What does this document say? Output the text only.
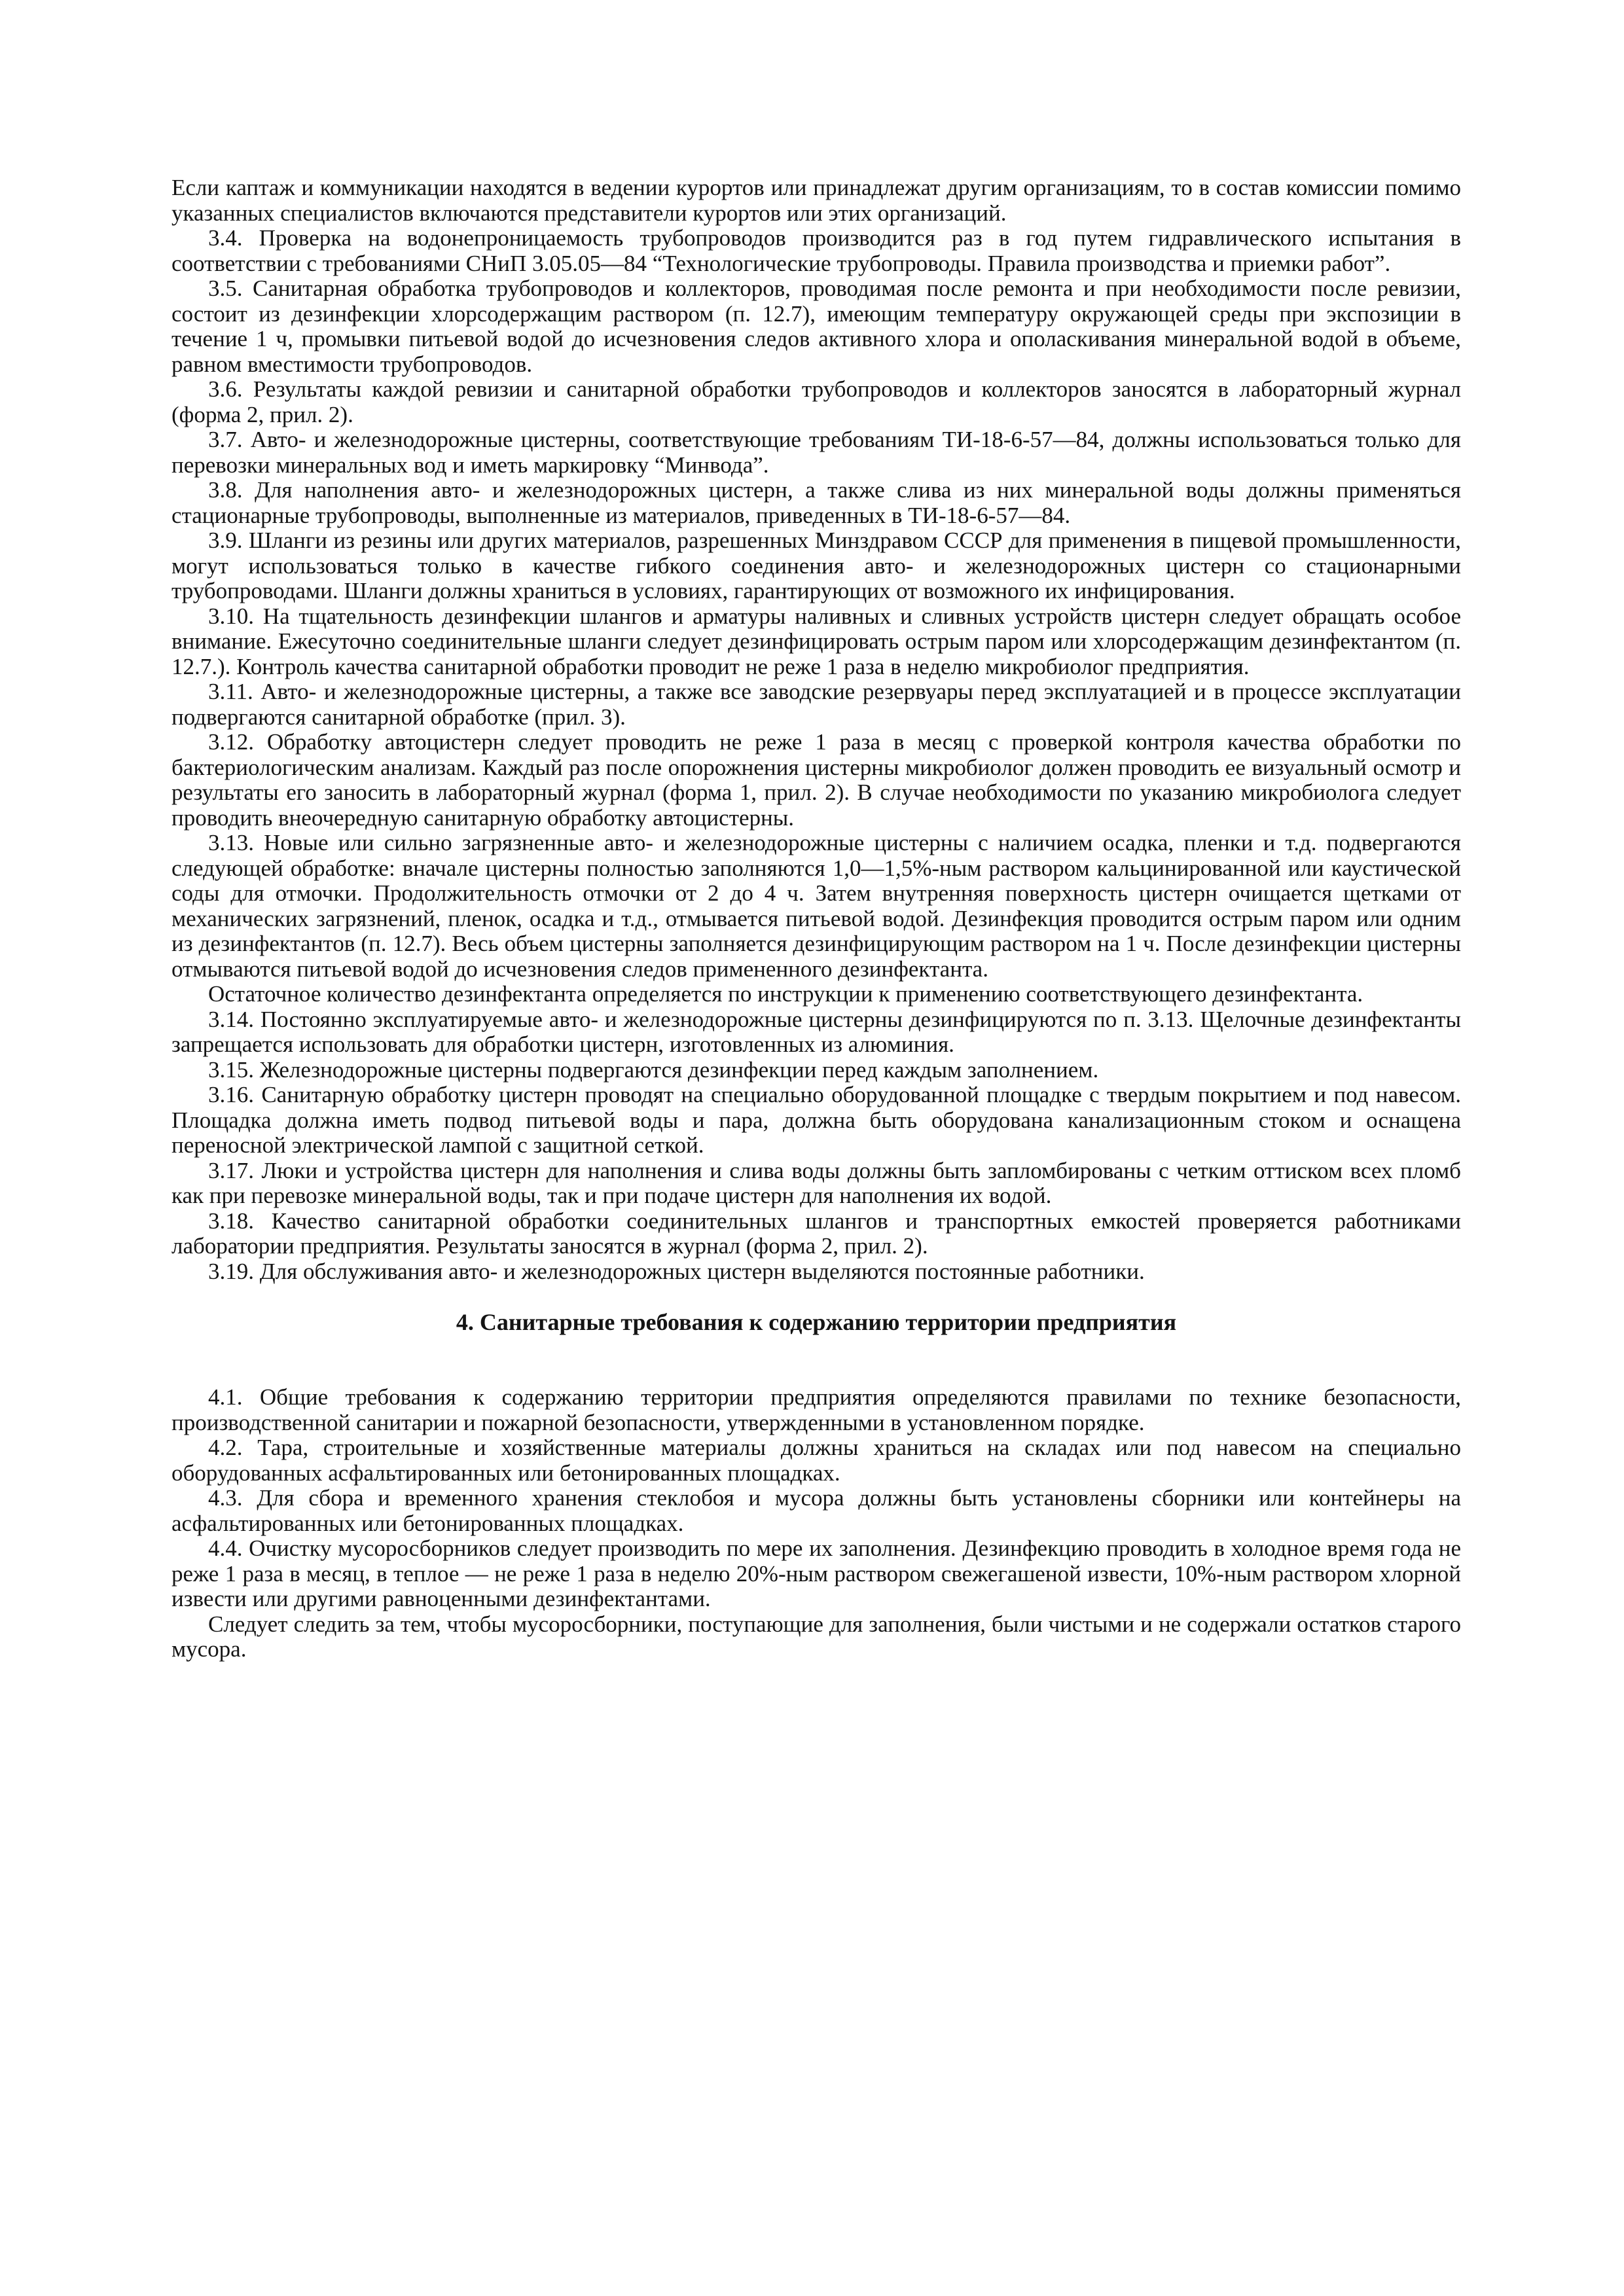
Если каптаж и коммуникации находятся в ведении курортов или принадлежат другим организациям, то в состав комиссии помимо указанных специалистов включаются представители курортов или этих организаций.

3.4. Проверка на водонепроницаемость трубопроводов производится раз в год путем гидравлического испытания в соответствии с требованиями СНиП 3.05.05—84 “Технологические трубопроводы. Правила производства и приемки работ”.

3.5. Санитарная обработка трубопроводов и коллекторов, проводимая после ремонта и при необходимости после ревизии, состоит из дезинфекции хлорсодержащим раствором (п. 12.7), имеющим температуру окружающей среды при экспозиции в течение 1 ч, промывки питьевой водой до исчезновения следов активного хлора и ополаскивания минеральной водой в объеме, равном вместимости трубопроводов.

3.6. Результаты каждой ревизии и санитарной обработки трубопроводов и коллекторов заносятся в лабораторный журнал (форма 2, прил. 2).

3.7. Авто- и железнодорожные цистерны, соответствующие требованиям ТИ-18-6-57—84, должны использоваться только для перевозки минеральных вод и иметь маркировку “Минвода”.

3.8. Для наполнения авто- и железнодорожных цистерн, а также слива из них минеральной воды должны применяться стационарные трубопроводы, выполненные из материалов, приведенных в ТИ-18-6-57—84.

3.9. Шланги из резины или других материалов, разрешенных Минздравом СССР для применения в пищевой промышленности, могут использоваться только в качестве гибкого соединения авто- и железнодорожных цистерн со стационарными трубопроводами. Шланги должны храниться в условиях, гарантирующих от возможного их инфицирования.

3.10. На тщательность дезинфекции шлангов и арматуры наливных и сливных устройств цистерн следует обращать особое внимание. Ежесуточно соединительные шланги следует дезинфицировать острым паром или хлорсодержащим дезинфектантом (п. 12.7.). Контроль качества санитарной обработки проводит не реже 1 раза в неделю микробиолог предприятия.

3.11. Авто- и железнодорожные цистерны, а также все заводские резервуары перед эксплуатацией и в процессе эксплуатации подвергаются санитарной обработке (прил. 3).

3.12. Обработку автоцистерн следует проводить не реже 1 раза в месяц с проверкой контроля качества обработки по бактериологическим анализам. Каждый раз после опорожнения цистерны микробиолог должен проводить ее визуальный осмотр и результаты его заносить в лабораторный журнал (форма 1, прил. 2). В случае необходимости по указанию микробиолога следует проводить внеочередную санитарную обработку автоцистерны.

3.13. Новые или сильно загрязненные авто- и железнодорожные цистерны с наличием осадка, пленки и т.д. подвергаются следующей обработке: вначале цистерны полностью заполняются 1,0—1,5%-ным раствором кальцинированной или каустической соды для отмочки. Продолжительность отмочки от 2 до 4 ч. Затем внутренняя поверхность цистерн очищается щетками от механических загрязнений, пленок, осадка и т.д., отмывается питьевой водой. Дезинфекция проводится острым паром или одним из дезинфектантов (п. 12.7). Весь объем цистерны заполняется дезинфицирующим раствором на 1 ч. После дезинфекции цистерны отмываются питьевой водой до исчезновения следов примененного дезинфектанта.

Остаточное количество дезинфектанта определяется по инструкции к применению соответствующего дезинфектанта.

3.14. Постоянно эксплуатируемые авто- и железнодорожные цистерны дезинфицируются по п. 3.13. Щелочные дезинфектанты запрещается использовать для обработки цистерн, изготовленных из алюминия.

3.15. Железнодорожные цистерны подвергаются дезинфекции перед каждым заполнением.

3.16. Санитарную обработку цистерн проводят на специально оборудованной площадке с твердым покрытием и под навесом. Площадка должна иметь подвод питьевой воды и пара, должна быть оборудована канализационным стоком и оснащена переносной электрической лампой с защитной сеткой.

3.17. Люки и устройства цистерн для наполнения и слива воды должны быть запломбированы с четким оттиском всех пломб как при перевозке минеральной воды, так и при подаче цистерн для наполнения их водой.

3.18. Качество санитарной обработки соединительных шлангов и транспортных емкостей проверяется работниками лаборатории предприятия. Результаты заносятся в журнал (форма 2, прил. 2).

3.19. Для обслуживания авто- и железнодорожных цистерн выделяются постоянные работники.

4. Санитарные требования к содержанию территории предприятия

4.1. Общие требования к содержанию территории предприятия определяются правилами по технике безопасности, производственной санитарии и пожарной безопасности, утвержденными в установленном порядке.

4.2. Тара, строительные и хозяйственные материалы должны храниться на складах или под навесом на специально оборудованных асфальтированных или бетонированных площадках.

4.3. Для сбора и временного хранения стеклобоя и мусора должны быть установлены сборники или контейнеры на асфальтированных или бетонированных площадках.

4.4. Очистку мусоросборников следует производить по мере их заполнения. Дезинфекцию проводить в холодное время года не реже 1 раза в месяц, в теплое — не реже 1 раза в неделю 20%-ным раствором свежегашеной извести, 10%-ным раствором хлорной извести или другими равноценными дезинфектантами.

Следует следить за тем, чтобы мусоросборники, поступающие для заполнения, были чистыми и не содержали остатков старого мусора.
